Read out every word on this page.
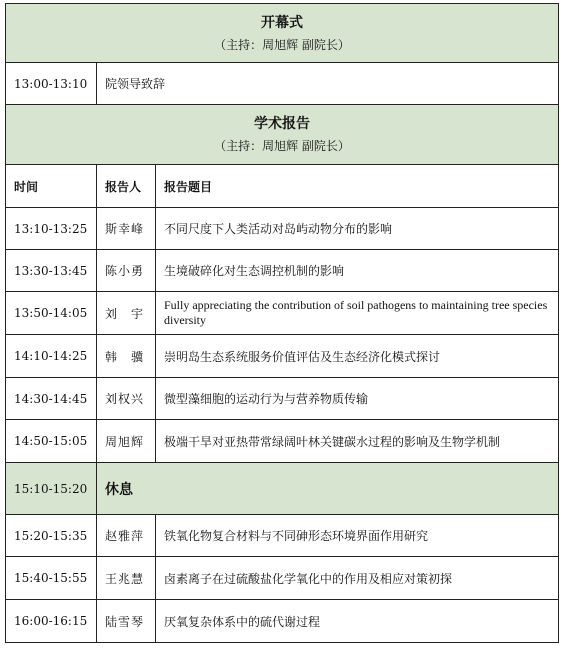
开幕式
（主持：周旭辉 副院长）		

13:00-13:10	院领导致辞	

学术报告
（主持：周旭辉 副院长）		

时间	报告人	报告题目
13:10-13:25	斯幸峰	不同尺度下人类活动对岛屿动物分布的影响
13:30-13:45	陈小勇	生境破碎化对生态调控机制的影响
13:50-14:05	刘　宇	Fully appreciating the contribution of soil pathogens to maintaining tree species diversity
14:10-14:25	韩　骥	崇明岛生态系统服务价值评估及生态经济化模式探讨
14:30-14:45	刘权兴	微型藻细胞的运动行为与营养物质传输
14:50-15:05	周旭辉	极端干旱对亚热带常绿阔叶林关键碳水过程的影响及生物学机制
15:10-15:20	休息	
15:20-15:35	赵雅萍	铁氧化物复合材料与不同砷形态环境界面作用研究
15:40-15:55	王兆慧	卤素离子在过硫酸盐化学氧化中的作用及相应对策初探
16:00-16:15	陆雪琴	厌氧复杂体系中的硫代谢过程
